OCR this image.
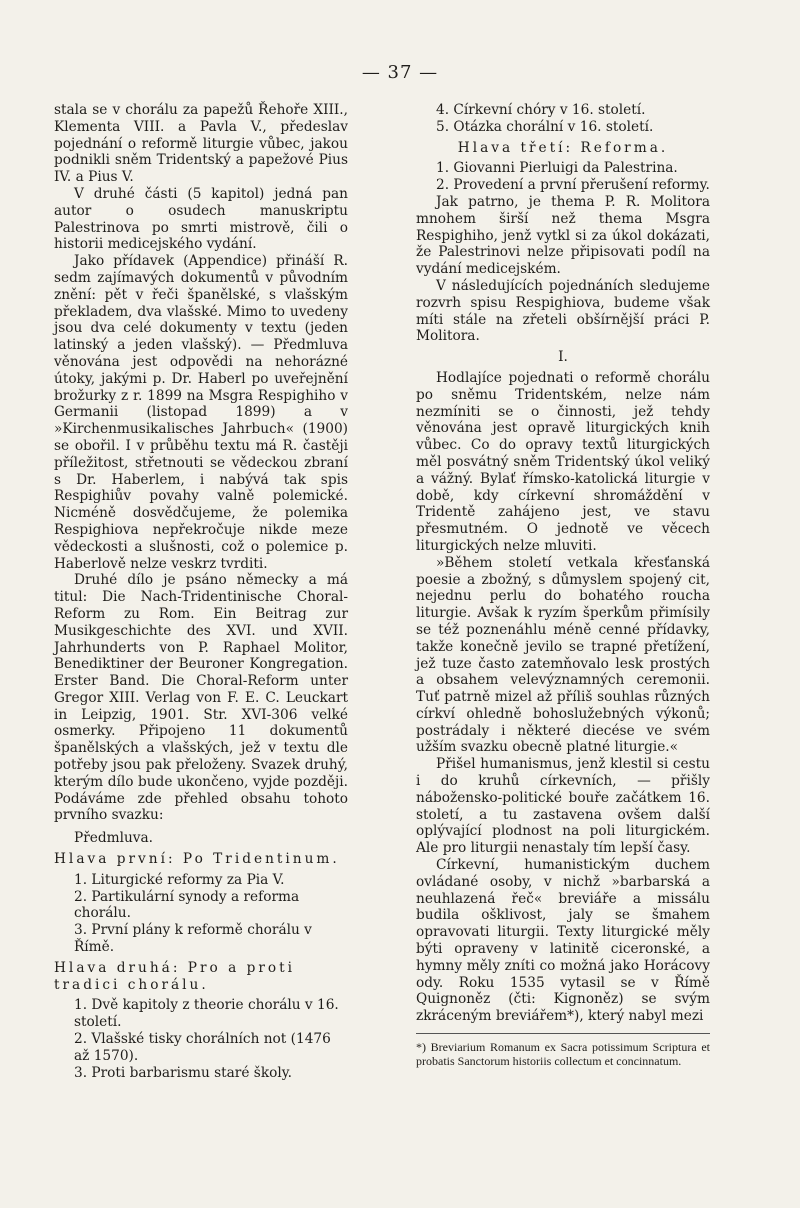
— 37 —

stala se v chorálu za papežů Řehoře XIII., Klementa VIII. a Pavla V., předeslav pojednání o reformě liturgie vůbec, jakou podnikli sněm Tridentský a papežové Pius IV. a Pius V.

V druhé části (5 kapitol) jedná pan autor o osudech manuskriptu Palestrinova po smrti mistrově, čili o historii medicejského vydání.

Jako přídavek (Appendice) přináší R. sedm zajímavých dokumentů v původním znění: pět v řeči španělské, s vlašským překladem, dva vlašské. Mimo to uvedeny jsou dva celé dokumenty v textu (jeden latinský a jeden vlašský). — Předmluva věnována jest odpovědi na nehorázné útoky, jakými p. Dr. Haberl po uveřejnění brožurky z r. 1899 na Msgra Respighiho v Germanii (listopad 1899) a v »Kirchenmusikalisches Jahrbuch« (1900) se obořil. I v průběhu textu má R. častěji příležitost, střetnouti se vědeckou zbraní s Dr. Haberlem, i nabývá tak spis Respighiův povahy valně polemické. Nicméně dosvědčujeme, že polemika Respighiova nepřekročuje nikde meze vědeckosti a slušnosti, což o polemice p. Haberlově nelze veskrz tvrditi.

Druhé dílo je psáno německy a má titul: Die Nach-Tridentinische Choral-Reform zu Rom. Ein Beitrag zur Musikgeschichte des XVI. und XVII. Jahrhunderts von P. Raphael Molitor, Benediktiner der Beuroner Kongregation. Erster Band. Die Choral-Reform unter Gregor XIII. Verlag von F. E. C. Leuckart in Leipzig, 1901. Str. XVI-306 velké osmerky. Připojeno 11 dokumentů španělských a vlašských, jež v textu dle potřeby jsou pak přeloženy. Svazek druhý, kterým dílo bude ukončeno, vyjde později. Podáváme zde přehled obsahu tohoto prvního svazku:

Předmluva.

Hlava první: Po Tridentinum.

1. Liturgické reformy za Pia V.

2. Partikulární synody a reforma chorálu.

3. První plány k reformě chorálu v Římě.

Hlava druhá: Pro a proti tradici chorálu.

1. Dvě kapitoly z theorie chorálu v 16. století.

2. Vlašské tisky chorálních not (1476 až 1570).

3. Proti barbarismu staré školy.

4. Církevní chóry v 16. století.

5. Otázka chorální v 16. století.

Hlava třetí: Reforma.

1. Giovanni Pierluigi da Palestrina.

2. Provedení a první přerušení reformy.

Jak patrno, je thema P. R. Molitora mnohem širší než thema Msgra Respighiho, jenž vytkl si za úkol dokázati, že Palestrinovi nelze připisovati podíl na vydání medicejském.

V následujících pojednáních sledujeme rozvrh spisu Respighiova, budeme však míti stále na zřeteli obšírnější práci P. Molitora.

I.

Hodlajíce pojednati o reformě chorálu po sněmu Tridentském, nelze nám nezmíniti se o činnosti, jež tehdy věnována jest opravě liturgických knih vůbec. Co do opravy textů liturgických měl posvátný sněm Tridentský úkol veliký a vážný. Bylať římsko-katolická liturgie v době, kdy církevní shromáždění v Tridentě zahájeno jest, ve stavu přesmutném. O jednotě ve věcech liturgických nelze mluviti.

»Během století vetkala křesťanská poesie a zbožný, s důmyslem spojený cit, nejednu perlu do bohatého roucha liturgie. Avšak k ryzím šperkům přimísily se též poznenáhlu méně cenné přídavky, takže konečně jevilo se trapné přetížení, jež tuze často zatemňovalo lesk prostých a obsahem velevýznamných ceremonii. Tuť patrně mizel až příliš souhlas různých církví ohledně bohoslužebných výkonů; postrádaly i některé diecése ve svém užším svazku obecně platné liturgie.«

Přišel humanismus, jenž klestil si cestu i do kruhů církevních, — přišly nábožensko-politické bouře začátkem 16. století, a tu zastavena ovšem další oplývající plodnost na poli liturgickém. Ale pro liturgii nenastaly tím lepší časy.

Církevní, humanistickým duchem ovládané osoby, v nichž »barbarská a neuhlazená řeč« breviáře a missálu budila ošklivost, jaly se šmahem opravovati liturgii. Texty liturgické měly býti opraveny v latinitě ciceronské, a hymny měly zníti co možná jako Horácovy ody. Roku 1535 vytasil se v Římě Quignoněz (čti: Kignoněz) se svým zkráceným breviářem*), který nabyl mezi

*) Breviarium Romanum ex Sacra potissimum Scriptura et probatis Sanctorum historiis collectum et concinnatum.
